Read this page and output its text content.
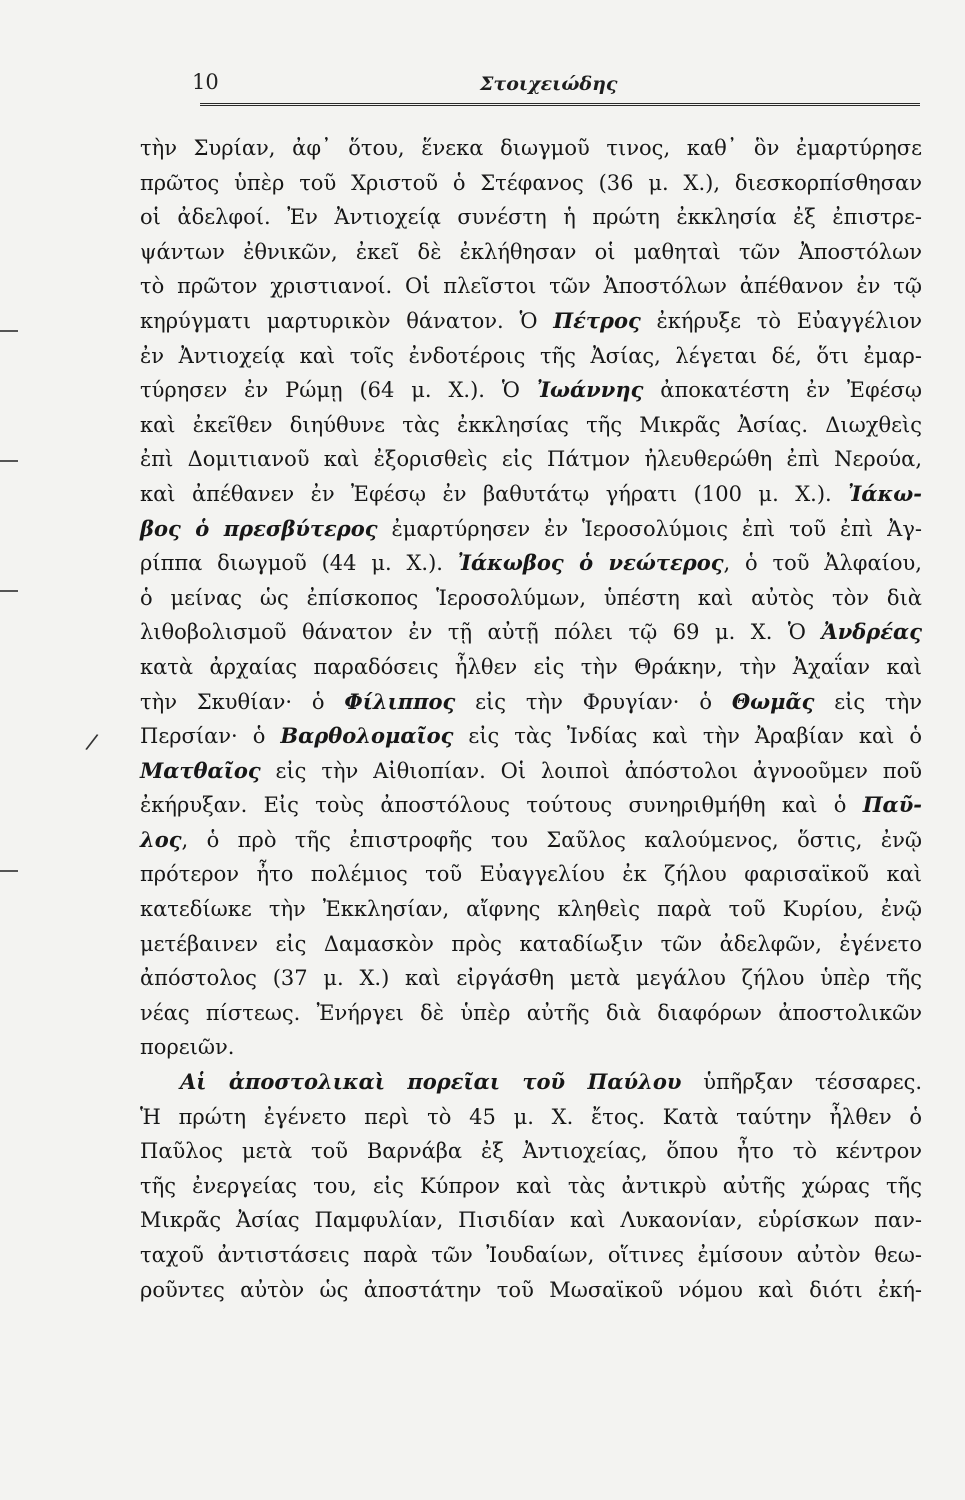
10	Στοιχειώδης
/
τὴν Συρίαν, ἀφ᾽ ὅτου, ἕνεκα διωγμοῦ τινος, καθ᾽ ὃν ἐμαρτύρησε
πρῶτος ὑπὲρ τοῦ Χριστοῦ ὁ Στέφανος (36 μ. Χ.), διεσκορπίσθησαν
οἱ ἀδελφοί. Ἐν Ἀντιοχείᾳ συνέστη ἡ πρώτη ἐκκλησία ἐξ ἐπιστρε-
ψάντων ἐθνικῶν, ἐκεῖ δὲ ἐκλήθησαν οἱ μαθηταὶ τῶν Ἀποστόλων
τὸ πρῶτον χριστιανοί. Οἱ πλεῖστοι τῶν Ἀποστόλων ἀπέθανον ἐν τῷ
κηρύγματι μαρτυρικὸν θάνατον. Ὁ Πέτρος ἐκήρυξε τὸ Εὐαγγέλιον
ἐν Ἀντιοχείᾳ καὶ τοῖς ἐνδοτέροις τῆς Ἀσίας, λέγεται δέ, ὅτι ἐμαρ-
τύρησεν ἐν Ρώμῃ (64 μ. Χ.). Ὁ Ἰωάννης ἀποκατέστη ἐν Ἐφέσῳ
καὶ ἐκεῖθεν διηύθυνε τὰς ἐκκλησίας τῆς Μικρᾶς Ἀσίας. Διωχθεὶς
ἐπὶ Δομιτιανοῦ καὶ ἐξορισθεὶς εἰς Πάτμον ἠλευθερώθη ἐπὶ Νερούα,
καὶ ἀπέθανεν ἐν Ἐφέσῳ ἐν βαθυτάτῳ γήρατι (100 μ. Χ.). Ἰάκω-
βος ὁ πρεσβύτερος ἐμαρτύρησεν ἐν Ἱεροσολύμοις ἐπὶ τοῦ ἐπὶ Ἀγ-
ρίππα διωγμοῦ (44 μ. Χ.). Ἰάκωβος ὁ νεώτερος, ὁ τοῦ Ἀλφαίου,
ὁ μείνας ὡς ἐπίσκοπος Ἱεροσολύμων, ὑπέστη καὶ αὐτὸς τὸν διὰ
λιθοβολισμοῦ θάνατον ἐν τῇ αὐτῇ πόλει τῷ 69 μ. Χ. Ὁ Ἀνδρέας
κατὰ ἀρχαίας παραδόσεις ἦλθεν εἰς τὴν Θράκην, τὴν Ἀχαΐαν καὶ
τὴν Σκυθίαν· ὁ Φίλιππος εἰς τὴν Φρυγίαν· ὁ Θωμᾶς εἰς τὴν
Περσίαν· ὁ Βαρθολομαῖος εἰς τὰς Ἰνδίας καὶ τὴν Ἀραβίαν καὶ ὁ
Ματθαῖος εἰς τὴν Αἰθιοπίαν. Οἱ λοιποὶ ἀπόστολοι ἀγνοοῦμεν ποῦ
ἐκήρυξαν. Εἰς τοὺς ἀποστόλους τούτους συνηριθμήθη καὶ ὁ Παῦ-
λος, ὁ πρὸ τῆς ἐπιστροφῆς του Σαῦλος καλούμενος, ὅστις, ἐνῷ
πρότερον ἦτο πολέμιος τοῦ Εὐαγγελίου ἐκ ζήλου φαρισαϊκοῦ καὶ
κατεδίωκε τὴν Ἐκκλησίαν, αἴφνης κληθεὶς παρὰ τοῦ Κυρίου, ἐνῷ
μετέβαινεν εἰς Δαμασκὸν πρὸς καταδίωξιν τῶν ἀδελφῶν, ἐγένετο
ἀπόστολος (37 μ. Χ.) καὶ εἰργάσθη μετὰ μεγάλου ζήλου ὑπὲρ τῆς
νέας πίστεως. Ἐνήργει δὲ ὑπὲρ αὐτῆς διὰ διαφόρων ἀποστολικῶν
πορειῶν.
Αἱ ἀποστολικαὶ πορεῖαι τοῦ Παύλου ὑπῆρξαν τέσσαρες.
Ἡ πρώτη ἐγένετο περὶ τὸ 45 μ. Χ. ἔτος. Κατὰ ταύτην ἦλθεν ὁ
Παῦλος μετὰ τοῦ Βαρνάβα ἐξ Ἀντιοχείας, ὅπου ἦτο τὸ κέντρον
τῆς ἐνεργείας του, εἰς Κύπρον καὶ τὰς ἀντικρὺ αὐτῆς χώρας τῆς
Μικρᾶς Ἀσίας Παμφυλίαν, Πισιδίαν καὶ Λυκαονίαν, εὑρίσκων παν-
ταχοῦ ἀντιστάσεις παρὰ τῶν Ἰουδαίων, οἵτινες ἐμίσουν αὐτὸν θεω-
ροῦντες αὐτὸν ὡς ἀποστάτην τοῦ Μωσαϊκοῦ νόμου καὶ διότι ἐκή-
